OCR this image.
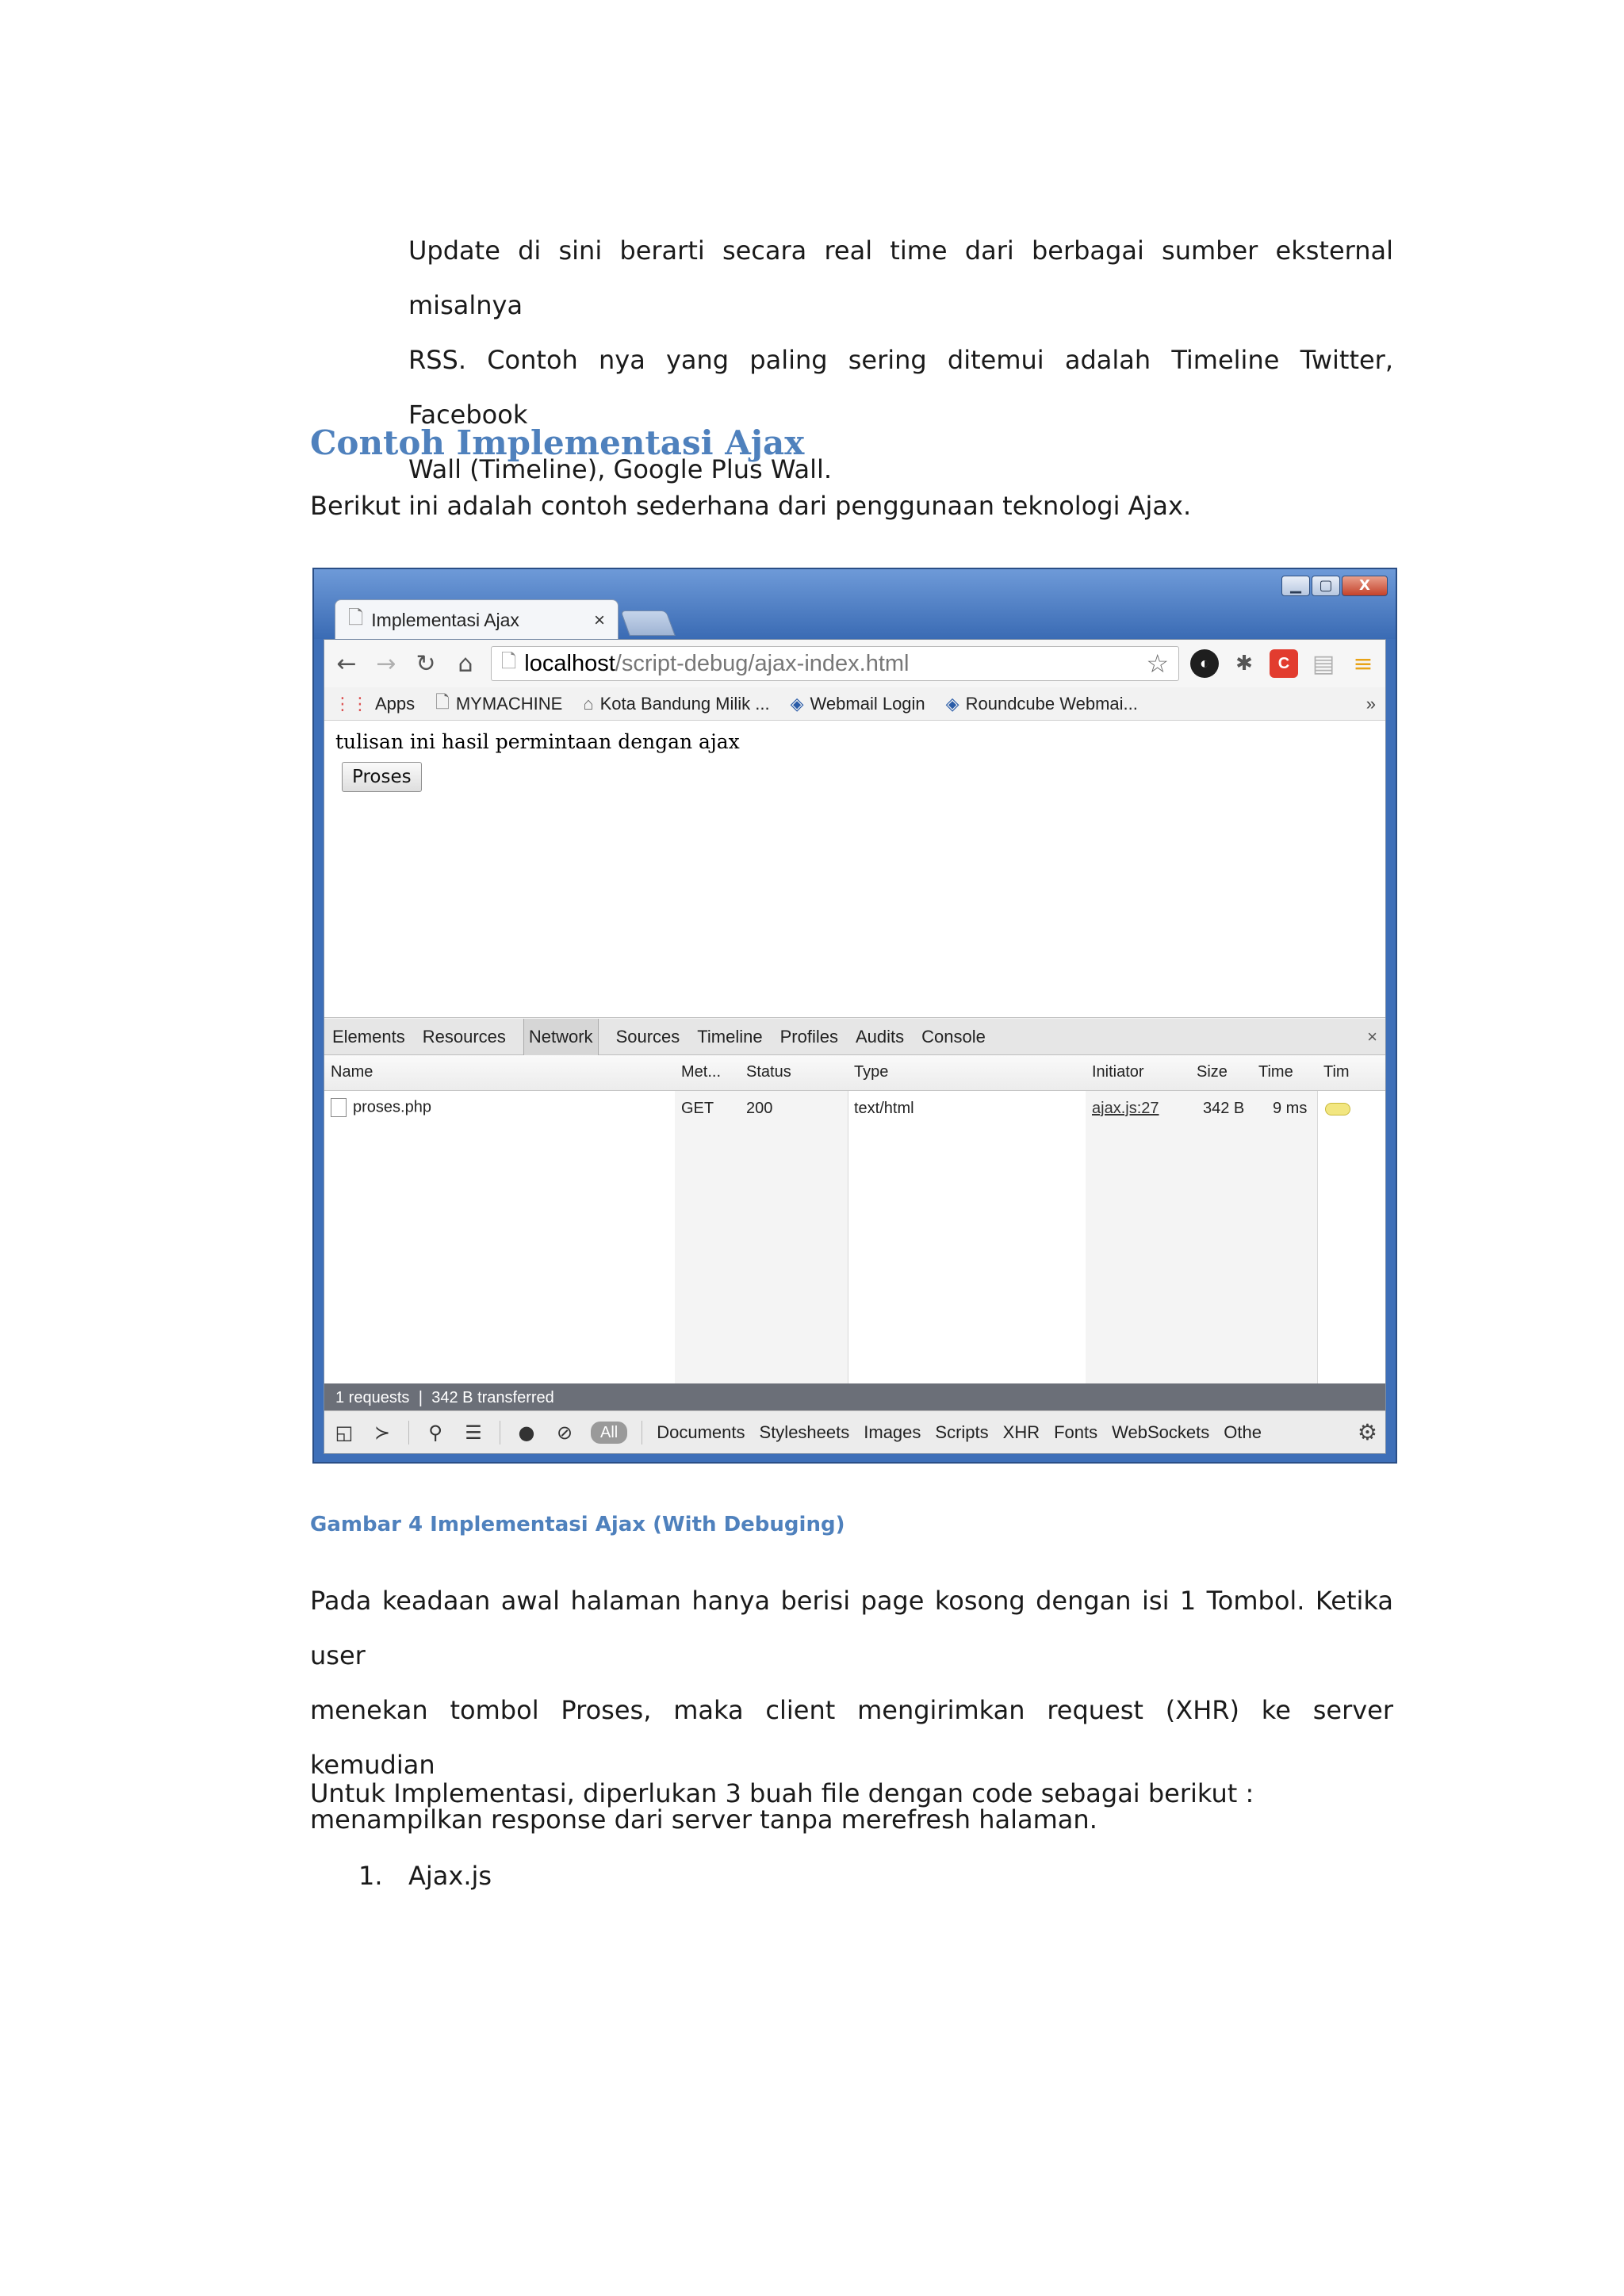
Update di sini berarti secara real time dari berbagai sumber eksternal misalnya
RSS. Contoh nya yang paling sering ditemui adalah Timeline Twitter, Facebook
Wall (Timeline), Google Plus Wall.
Contoh Implementasi Ajax
Berikut ini adalah contoh sederhana dari penggunaan teknologi Ajax.
▁	▢	X
🗋 Implementasi Ajax	×
← → ↻ ⌂	🗋 localhost/script-debug/ajax-index.html	☆	◐	✱	C ▤ ≡
⋮⋮ Apps 🗋 MYMACHINE ⌂ Kota Bandung Milik ... ◈ Webmail Login ◈ Roundcube Webmai...	»
tulisan ini hasil permintaan dengan ajax
Proses
Elements Resources	Network	Sources Timeline Profiles Audits Console	×
Name	Met... Status	Type	Initiator	Size Time Tim
proses.php	GET 200	text/html	ajax.js:27	342 B 9 ms
1 requests ❘ 342 B transferred
◱ ≻ ⚲ ☰ ● ⊘	All	Documents Stylesheets Images Scripts XHR Fonts WebSockets Othe	⚙
Gambar 4 Implementasi Ajax (With Debuging)
Pada keadaan awal halaman hanya berisi page kosong dengan isi 1 Tombol. Ketika user
menekan tombol Proses, maka client mengirimkan request (XHR) ke server kemudian
menampilkan response dari server tanpa merefresh halaman.
Untuk Implementasi, diperlukan 3 buah file dengan code sebagai berikut :
1.	Ajax.js
